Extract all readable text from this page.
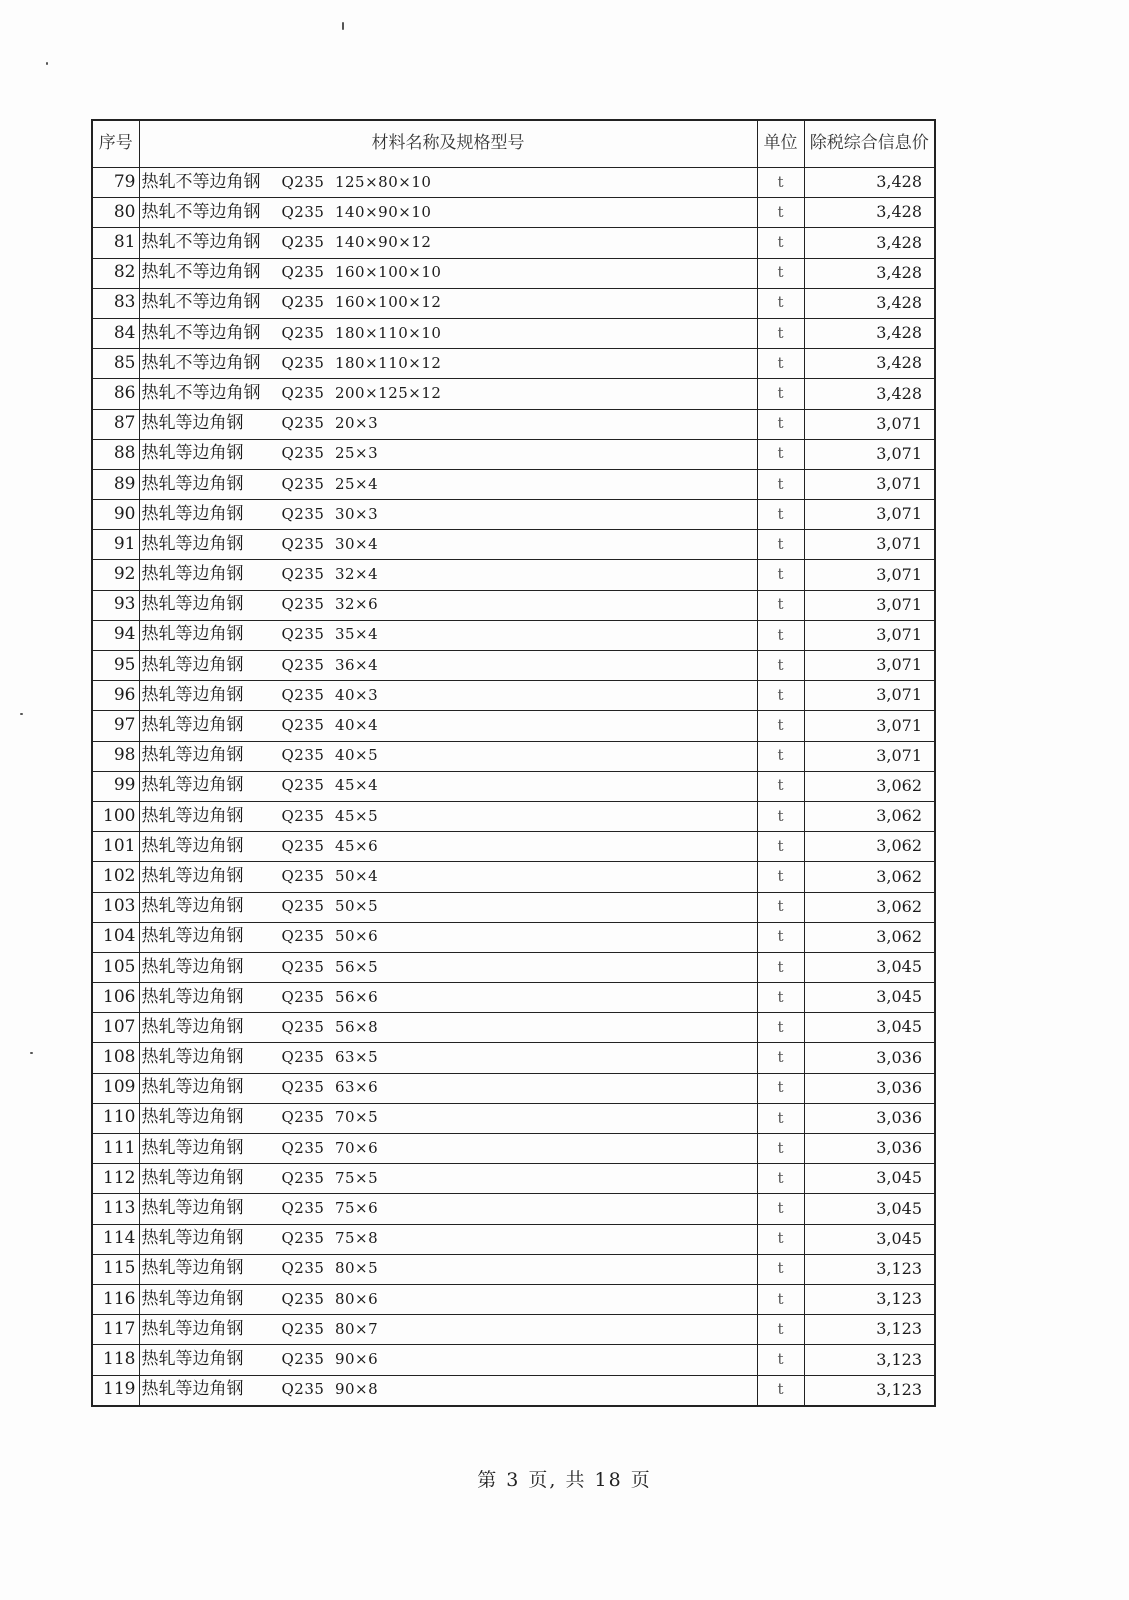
序号	材料名称及规格型号	单位	除税综合信息价
79	热轧不等边角钢 Q235  125×80×10	t	3,428
80	热轧不等边角钢 Q235  140×90×10	t	3,428
81	热轧不等边角钢 Q235  140×90×12	t	3,428
82	热轧不等边角钢 Q235  160×100×10	t	3,428
83	热轧不等边角钢 Q235  160×100×12	t	3,428
84	热轧不等边角钢 Q235  180×110×10	t	3,428
85	热轧不等边角钢 Q235  180×110×12	t	3,428
86	热轧不等边角钢 Q235  200×125×12	t	3,428
87	热轧等边角钢 Q235  20×3	t	3,071
88	热轧等边角钢 Q235  25×3	t	3,071
89	热轧等边角钢 Q235  25×4	t	3,071
90	热轧等边角钢 Q235  30×3	t	3,071
91	热轧等边角钢 Q235  30×4	t	3,071
92	热轧等边角钢 Q235  32×4	t	3,071
93	热轧等边角钢 Q235  32×6	t	3,071
94	热轧等边角钢 Q235  35×4	t	3,071
95	热轧等边角钢 Q235  36×4	t	3,071
96	热轧等边角钢 Q235  40×3	t	3,071
97	热轧等边角钢 Q235  40×4	t	3,071
98	热轧等边角钢 Q235  40×5	t	3,071
99	热轧等边角钢 Q235  45×4	t	3,062
100	热轧等边角钢 Q235  45×5	t	3,062
101	热轧等边角钢 Q235  45×6	t	3,062
102	热轧等边角钢 Q235  50×4	t	3,062
103	热轧等边角钢 Q235  50×5	t	3,062
104	热轧等边角钢 Q235  50×6	t	3,062
105	热轧等边角钢 Q235  56×5	t	3,045
106	热轧等边角钢 Q235  56×6	t	3,045
107	热轧等边角钢 Q235  56×8	t	3,045
108	热轧等边角钢 Q235  63×5	t	3,036
109	热轧等边角钢 Q235  63×6	t	3,036
110	热轧等边角钢 Q235  70×5	t	3,036
111	热轧等边角钢 Q235  70×6	t	3,036
112	热轧等边角钢 Q235  75×5	t	3,045
113	热轧等边角钢 Q235  75×6	t	3,045
114	热轧等边角钢 Q235  75×8	t	3,045
115	热轧等边角钢 Q235  80×5	t	3,123
116	热轧等边角钢 Q235  80×6	t	3,123
117	热轧等边角钢 Q235  80×7	t	3,123
118	热轧等边角钢 Q235  90×6	t	3,123
119	热轧等边角钢 Q235  90×8	t	3,123
第 3 页, 共 18 页
